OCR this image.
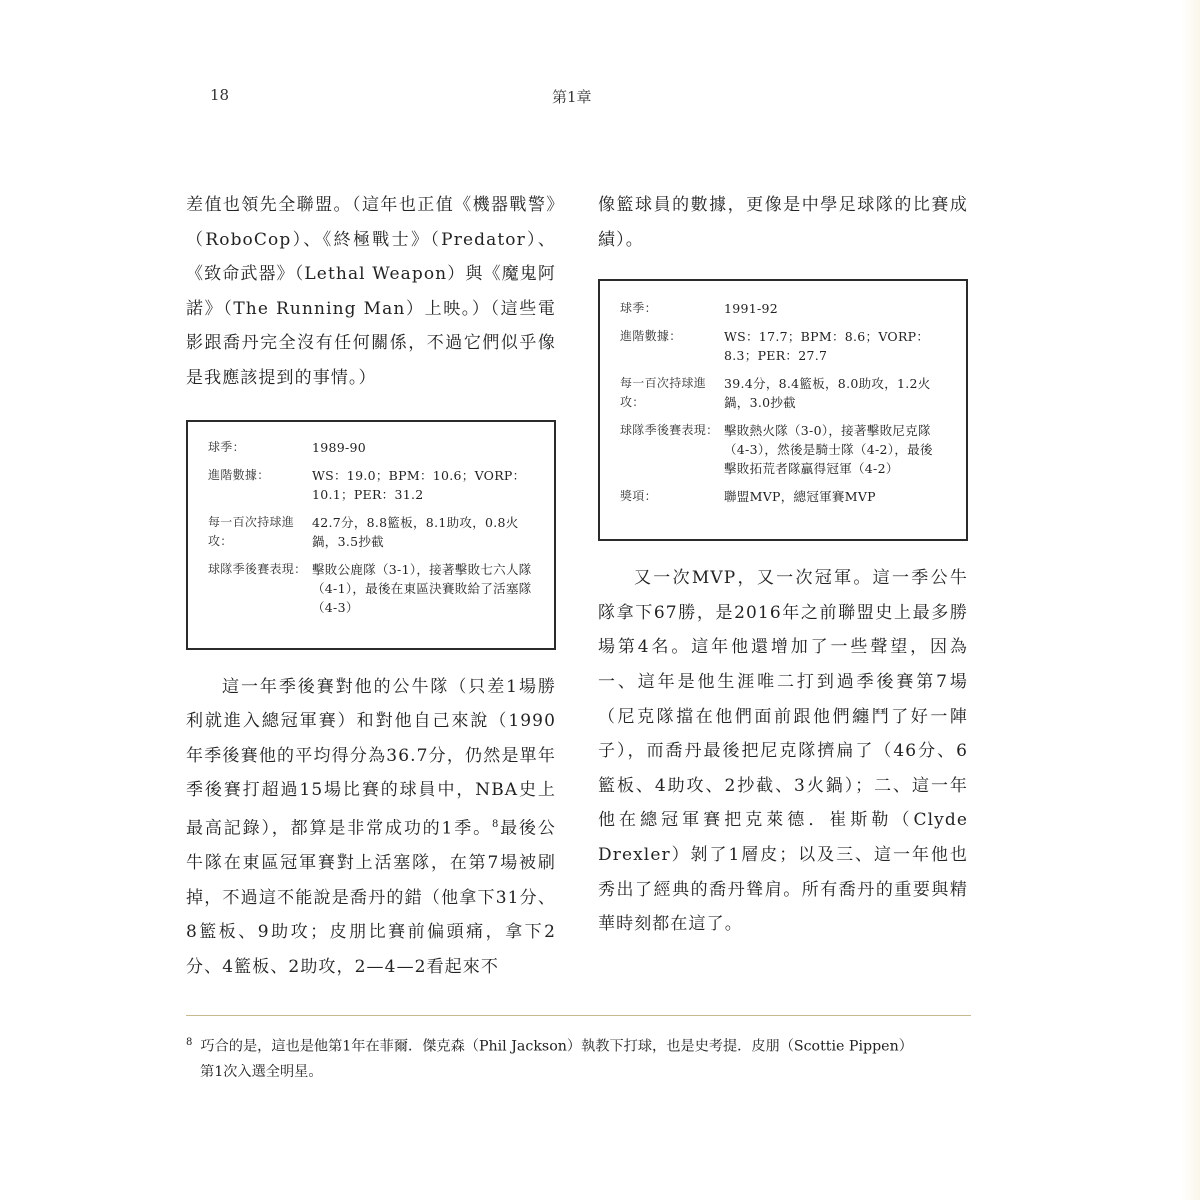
18	第1章

差值也領先全聯盟。（這年也正值《機器戰警》（RoboCop）、《終極戰士》（Predator）、《致命武器》（Lethal Weapon）與《魔鬼阿諾》（The Running Man）上映。）（這些電影跟喬丹完全沒有任何關係，不過它們似乎像是我應該提到的事情。）

球季：	1989-90
進階數據：	WS：19.0；BPM：10.6；VORP：10.1；PER：31.2
每一百次持球進攻：
42.7分，8.8籃板，8.1助攻，0.8火鍋，3.5抄截
球隊季後賽表現： 擊敗公鹿隊（3-1），接著擊敗七六人隊（4-1），最後在東區決賽敗給了活塞隊（4-3）

這一年季後賽對他的公牛隊（只差1場勝利就進入總冠軍賽）和對他自己來說（1990年季後賽他的平均得分為36.7分，仍然是單年季後賽打超過15場比賽的球員中，NBA史上最高記錄），都算是非常成功的1季。$^8$最後公牛隊在東區冠軍賽對上活塞隊，在第7場被刷掉，不過這不能說是喬丹的錯（他拿下31分、8籃板、9助攻；皮朋比賽前偏頭痛，拿下2分、4籃板、2助攻，2—4—2看起來不

像籃球員的數據，更像是中學足球隊的比賽成績）。

球季：	1991-92
進階數據：	WS：17.7；BPM：8.6；VORP：8.3；PER：27.7
每一百次持球進攻：
39.4分，8.4籃板，8.0助攻，1.2火鍋，3.0抄截
球隊季後賽表現： 擊敗熱火隊（3-0），接著擊敗尼克隊（4-3），然後是騎士隊（4-2），最後擊敗拓荒者隊贏得冠軍（4-2）
獎項：	聯盟MVP，總冠軍賽MVP

又一次MVP，又一次冠軍。這一季公牛隊拿下67勝，是2016年之前聯盟史上最多勝場第4名。這年他還增加了一些聲望，因為一、這年是他生涯唯二打到過季後賽第7場（尼克隊擋在他們面前跟他們纏鬥了好一陣子），而喬丹最後把尼克隊擠扁了（46分、6籃板、4助攻、2抄截、3火鍋）；二、這一年他在總冠軍賽把克萊德．崔斯勒（Clyde Drexler）剝了1層皮；以及三、這一年他也秀出了經典的喬丹聳肩。所有喬丹的重要與精華時刻都在這了。

$^8$ 巧合的是，這也是他第1年在菲爾．傑克森（Phil Jackson）執教下打球，也是史考提．皮朋（Scottie Pippen）
第1次入選全明星。
